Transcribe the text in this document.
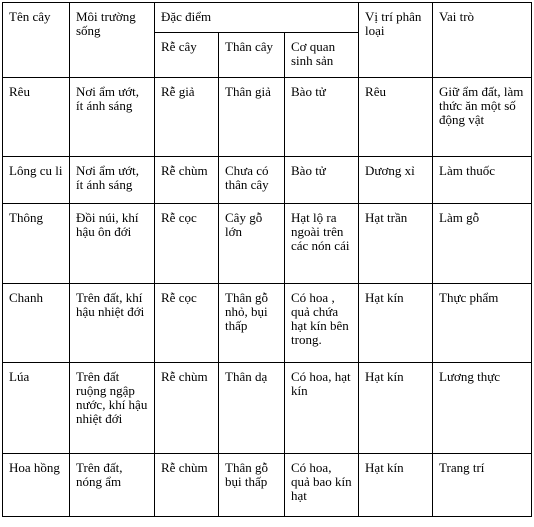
Tên cây	Môi trường sống	Đặc điểm			Vị trí phân loại	Vai trò
		Rễ cây	Thân cây	Cơ quan sinh sản		
Rêu	Nơi ẩm ướt, ít ánh sáng	Rễ giả	Thân giả	Bào tử	Rêu	Giữ ẩm đất, làm thức ăn một số động vật
Lông cu li	Nơi ẩm ướt, ít ánh sáng	Rễ chùm	Chưa có thân cây	Bào tử	Dương xỉ	Làm thuốc
Thông	Đồi núi, khí hậu ôn đới	Rễ cọc	Cây gỗ lớn	Hạt lộ ra ngoài trên các nón cái	Hạt trần	Làm gỗ
Chanh	Trên đất, khí hậu nhiệt đới	Rễ cọc	Thân gỗ nhỏ, bụi thấp	Có hoa , quả chứa hạt kín bên trong.	Hạt kín	Thực phẩm
Lúa	Trên đất ruộng ngập nước, khí hậu nhiệt đới	Rễ chùm	Thân dạ	Có hoa, hạt kín	Hạt kín	Lương thực
Hoa hồng	Trên đất, nóng ẩm	Rễ chùm	Thân gỗ bụi thấp	Có hoa, quả bao kín hạt	Hạt kín	Trang trí
